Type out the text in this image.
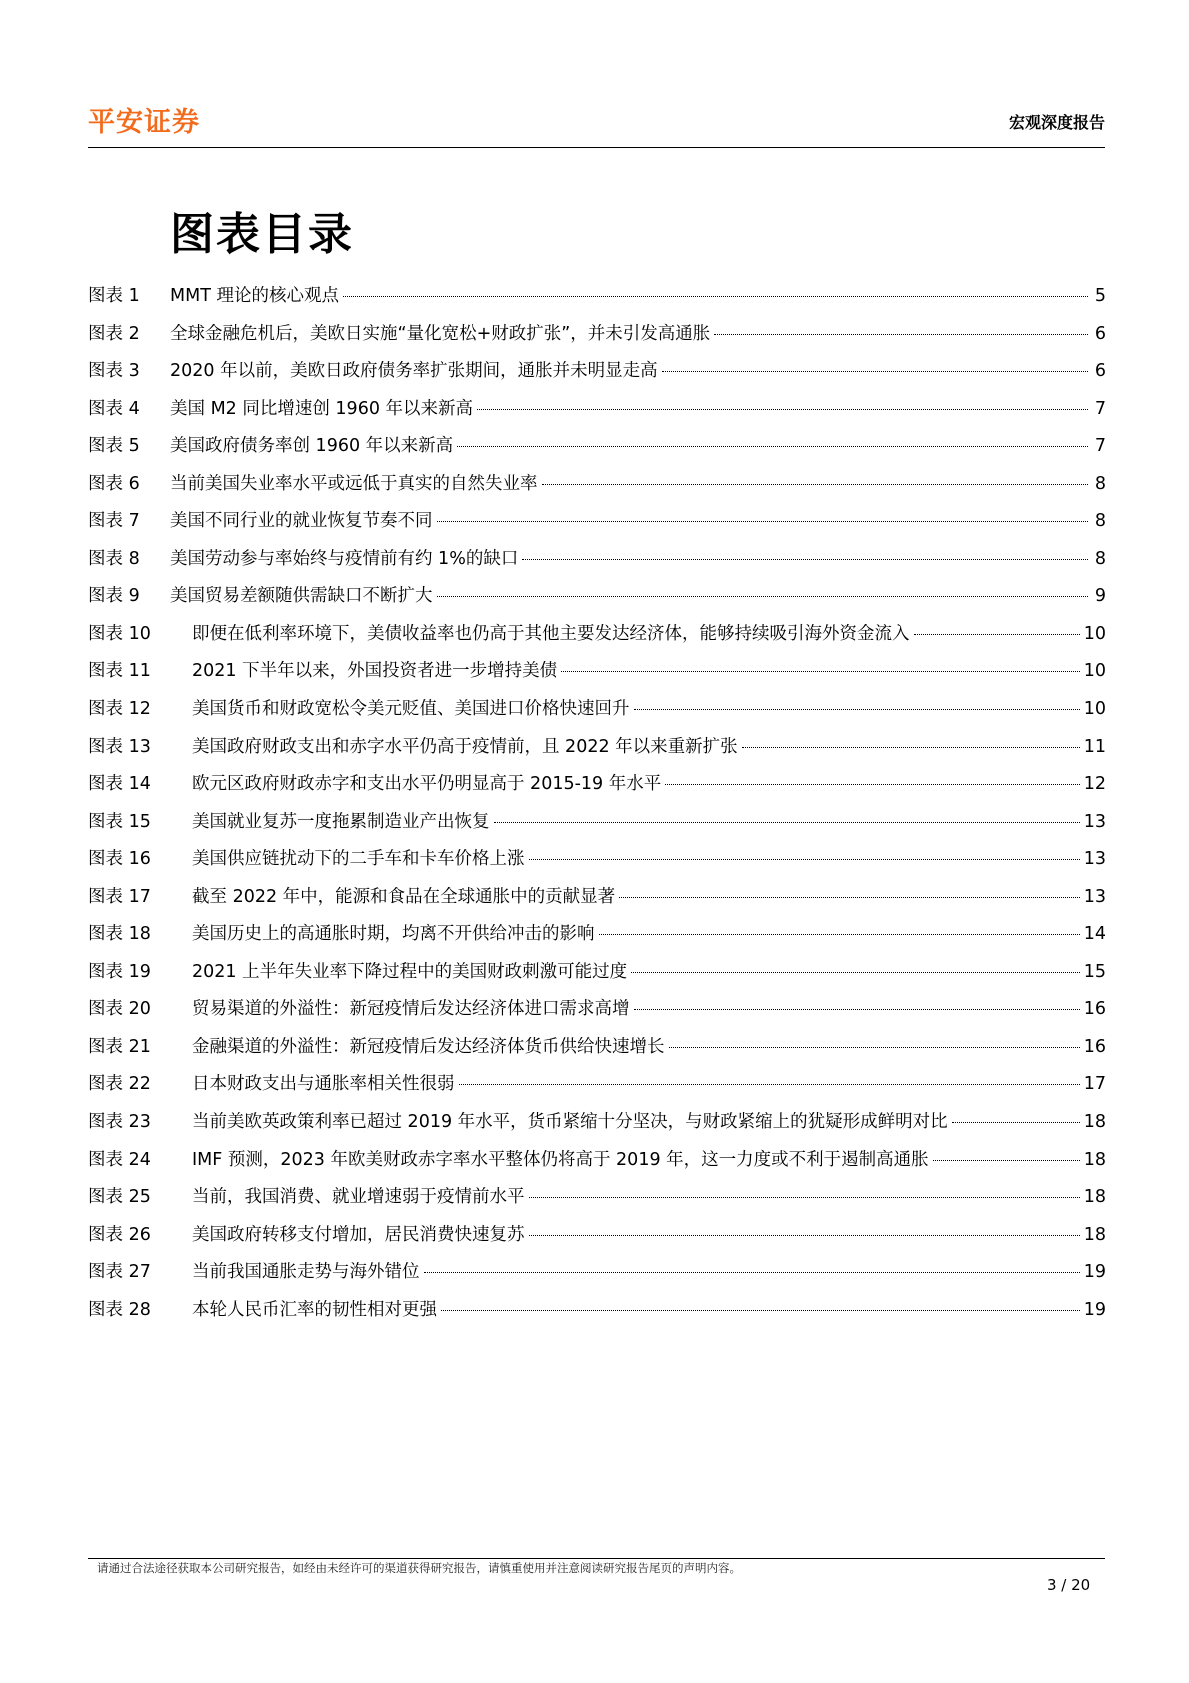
平安证券	宏观深度报告
图表目录
图表 1	MMT 理论的核心观点	5
图表 2	全球金融危机后，美欧日实施“量化宽松+财政扩张”，并未引发高通胀	6
图表 3	2020 年以前，美欧日政府债务率扩张期间，通胀并未明显走高	6
图表 4	美国 M2 同比增速创 1960 年以来新高	7
图表 5	美国政府债务率创 1960 年以来新高	7
图表 6	当前美国失业率水平或远低于真实的自然失业率	8
图表 7	美国不同行业的就业恢复节奏不同	8
图表 8	美国劳动参与率始终与疫情前有约 1%的缺口	8
图表 9	美国贸易差额随供需缺口不断扩大	9
图表 10	即便在低利率环境下，美债收益率也仍高于其他主要发达经济体，能够持续吸引海外资金流入	10
图表 11	2021 下半年以来，外国投资者进一步增持美债	10
图表 12	美国货币和财政宽松令美元贬值、美国进口价格快速回升	10
图表 13	美国政府财政支出和赤字水平仍高于疫情前，且 2022 年以来重新扩张	11
图表 14	欧元区政府财政赤字和支出水平仍明显高于 2015-19 年水平	12
图表 15	美国就业复苏一度拖累制造业产出恢复	13
图表 16	美国供应链扰动下的二手车和卡车价格上涨	13
图表 17	截至 2022 年中，能源和食品在全球通胀中的贡献显著	13
图表 18	美国历史上的高通胀时期，均离不开供给冲击的影响	14
图表 19	2021 上半年失业率下降过程中的美国财政刺激可能过度	15
图表 20	贸易渠道的外溢性：新冠疫情后发达经济体进口需求高增	16
图表 21	金融渠道的外溢性：新冠疫情后发达经济体货币供给快速增长	16
图表 22	日本财政支出与通胀率相关性很弱	17
图表 23	当前美欧英政策利率已超过 2019 年水平，货币紧缩十分坚决，与财政紧缩上的犹疑形成鲜明对比	18
图表 24	IMF 预测，2023 年欧美财政赤字率水平整体仍将高于 2019 年，这一力度或不利于遏制高通胀	18
图表 25	当前，我国消费、就业增速弱于疫情前水平	18
图表 26	美国政府转移支付增加，居民消费快速复苏	18
图表 27	当前我国通胀走势与海外错位	19
图表 28	本轮人民币汇率的韧性相对更强	19
请通过合法途径获取本公司研究报告，如经由未经许可的渠道获得研究报告，请慎重使用并注意阅读研究报告尾页的声明内容。
3 / 20
